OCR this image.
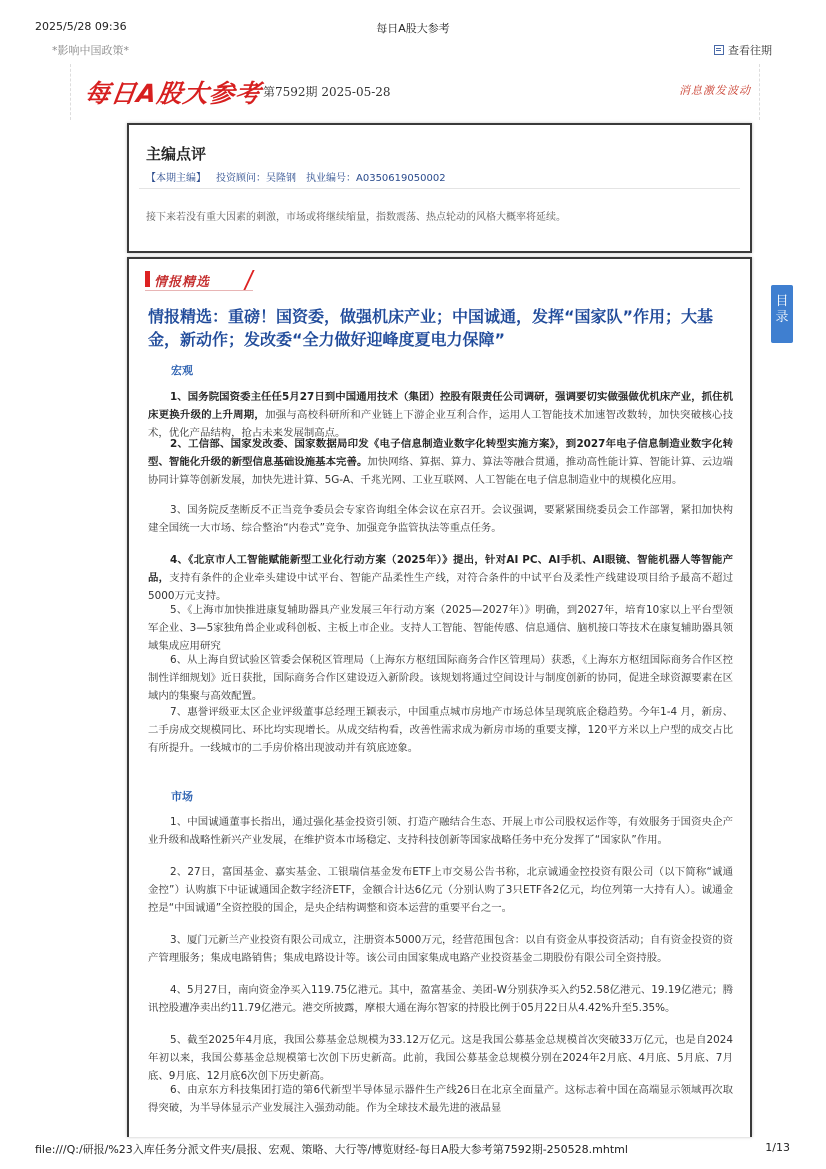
2025/5/28 09:36	每日A股大参考
*影响中国政策*	查看往期
每日A股大参考 第7592期 2025-05-28	消息激发波动
主编点评
【本期主编】 投资顾问：吴隆钢 执业编号：A0350619050002
接下来若没有重大因素的刺激，市场或将继续缩量，指数震荡、热点轮动的风格大概率将延续。
情报精选
情报精选：重磅！国资委，做强机床产业；中国诚通，发挥“国家队”作用；大基金，新动作；发改委“全力做好迎峰度夏电力保障”
宏观
1、国务院国资委主任任5月27日到中国通用技术（集团）控股有限责任公司调研，强调要切实做强做优机床产业，抓住机床更换升级的上升周期，加强与高校科研所和产业链上下游企业互利合作，运用人工智能技术加速智改数转，加快突破核心技术，优化产品结构，抢占未来发展制高点。
2、工信部、国家发改委、国家数据局印发《电子信息制造业数字化转型实施方案》，到2027年电子信息制造业数字化转型、智能化升级的新型信息基础设施基本完善。加快网络、算据、算力、算法等融合贯通，推动高性能计算、智能计算、云边端协同计算等创新发展，加快先进计算、5G-A、千兆光网、工业互联网、人工智能在电子信息制造业中的规模化应用。
3、国务院反垄断反不正当竞争委员会专家咨询组全体会议在京召开。会议强调，要紧紧围绕委员会工作部署，紧扣加快构建全国统一大市场、综合整治“内卷式”竞争、加强竞争监管执法等重点任务。
4、《北京市人工智能赋能新型工业化行动方案（2025年）》提出，针对AI PC、AI手机、AI眼镜、智能机器人等智能产品，支持有条件的企业牵头建设中试平台、智能产品柔性生产线，对符合条件的中试平台及柔性产线建设项目给予最高不超过5000万元支持。
5、《上海市加快推进康复辅助器具产业发展三年行动方案（2025—2027年）》明确，到2027年，培育10家以上平台型领军企业、3—5家独角兽企业或科创板、主板上市企业。支持人工智能、智能传感、信息通信、脑机接口等技术在康复辅助器具领域集成应用研究
6、从上海自贸试验区管委会保税区管理局（上海东方枢纽国际商务合作区管理局）获悉，《上海东方枢纽国际商务合作区控制性详细规划》近日获批，国际商务合作区建设迈入新阶段。该规划将通过空间设计与制度创新的协同，促进全球资源要素在区域内的集聚与高效配置。
7、惠誉评级亚太区企业评级董事总经理王颖表示，中国重点城市房地产市场总体呈现筑底企稳趋势。今年1-4 月，新房、二手房成交规模同比、环比均实现增长。从成交结构看，改善性需求成为新房市场的重要支撑，120平方米以上户型的成交占比有所提升。一线城市的二手房价格出现波动并有筑底迹象。
市场
1、中国诚通董事长指出，通过强化基金投资引领、打造产融结合生态、开展上市公司股权运作等，有效服务于国资央企产业升级和战略性新兴产业发展，在维护资本市场稳定、支持科技创新等国家战略任务中充分发挥了“国家队”作用。
2、27日，富国基金、嘉实基金、工银瑞信基金发布ETF上市交易公告书称，北京诚通金控投资有限公司（以下简称“诚通金控”）认购旗下中证诚通国企数字经济ETF，金额合计达6亿元（分别认购了3只ETF各2亿元，均位列第一大持有人）。诚通金控是“中国诚通”全资控股的国企，是央企结构调整和资本运营的重要平台之一。
3、厦门元新兰产业投资有限公司成立，注册资本5000万元，经营范围包含：以自有资金从事投资活动；自有资金投资的资产管理服务；集成电路销售；集成电路设计等。该公司由国家集成电路产业投资基金二期股份有限公司全资持股。
4、5月27日，南向资金净买入119.75亿港元。其中，盈富基金、美团-W分别获净买入约52.58亿港元、19.19亿港元；腾讯控股遭净卖出约11.79亿港元。港交所披露，摩根大通在海尔智家的持股比例于05月22日从4.42%升至5.35%。
5、截至2025年4月底，我国公募基金总规模为33.12万亿元。这是我国公募基金总规模首次突破33万亿元，也是自2024年初以来，我国公募基金总规模第七次创下历史新高。此前，我国公募基金总规模分别在2024年2月底、4月底、5月底、7月底、9月底、12月底6次创下历史新高。
6、由京东方科技集团打造的第6代新型半导体显示器件生产线26日在北京全面量产。这标志着中国在高端显示领域再次取得突破，为半导体显示产业发展注入强劲动能。作为全球技术最先进的液晶显
目录
file:///Q:/研报/%23入库任务分派文件夹/晨报、宏观、策略、大行等/博览财经-每日A股大参考第7592期-250528.mhtml	1/13
